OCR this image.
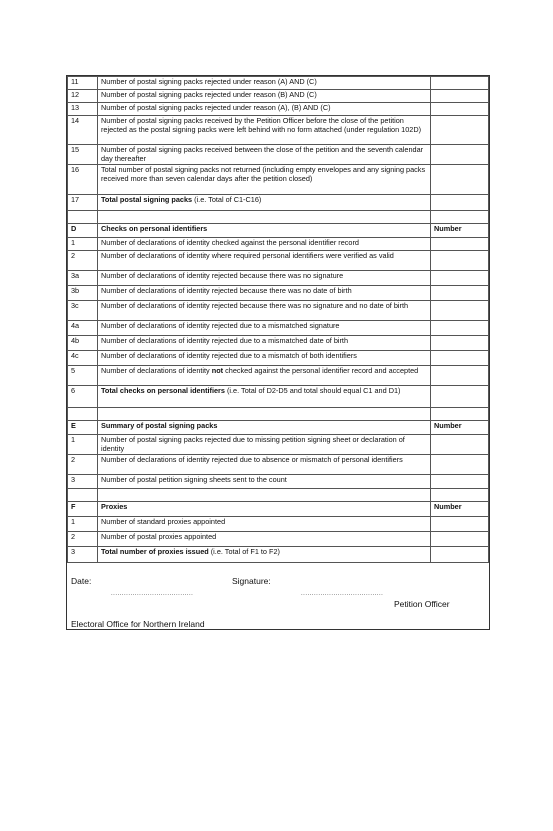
11	Number of postal signing packs rejected under reason (A) AND (C)	
12	Number of postal signing packs rejected under reason (B) AND (C)	
13	Number of postal signing packs rejected under reason (A), (B) AND (C)	
14	Number of postal signing packs received by the Petition Officer before the close of the petition rejected as the postal signing packs were left behind with no form attached (under regulation 102D)	
15	Number of postal signing packs received between the close of the petition and the seventh calendar day thereafter	
16	Total number of postal signing packs not returned (including empty envelopes and any signing packs received more than seven calendar days after the petition closed)	
17	Total postal signing packs (i.e. Total of C1-C16)	

D	Checks on personal identifiers	Number
1	Number of declarations of identity checked against the personal identifier record	
2	Number of declarations of identity where required personal identifiers were verified as valid	
3a	Number of declarations of identity rejected because there was no signature	
3b	Number of declarations of identity rejected because there was no date of birth	
3c	Number of declarations of identity rejected because there was no signature and no date of birth	
4a	Number of declarations of identity rejected due to a mismatched signature	
4b	Number of declarations of identity rejected due to a mismatched date of birth	
4c	Number of declarations of identity rejected due to a mismatch of both identifiers	
5	Number of declarations of identity not checked against the personal identifier record and accepted	
6	Total checks on personal identifiers (i.e. Total of D2-D5 and total should equal C1 and D1)	

E	Summary of postal signing packs	Number
1	Number of postal signing packs rejected due to missing petition signing sheet or declaration of identity	
2	Number of declarations of identity rejected due to absence or mismatch of personal identifiers	
3	Number of postal petition signing sheets sent to the count	

F	Proxies	Number
1	Number of standard proxies appointed	
2	Number of postal proxies appointed	
3	Total number of proxies issued (i.e. Total of F1 to F2)	
Date:	Signature:
......................................	......................................
Petition Officer
Electoral Office for Northern Ireland
